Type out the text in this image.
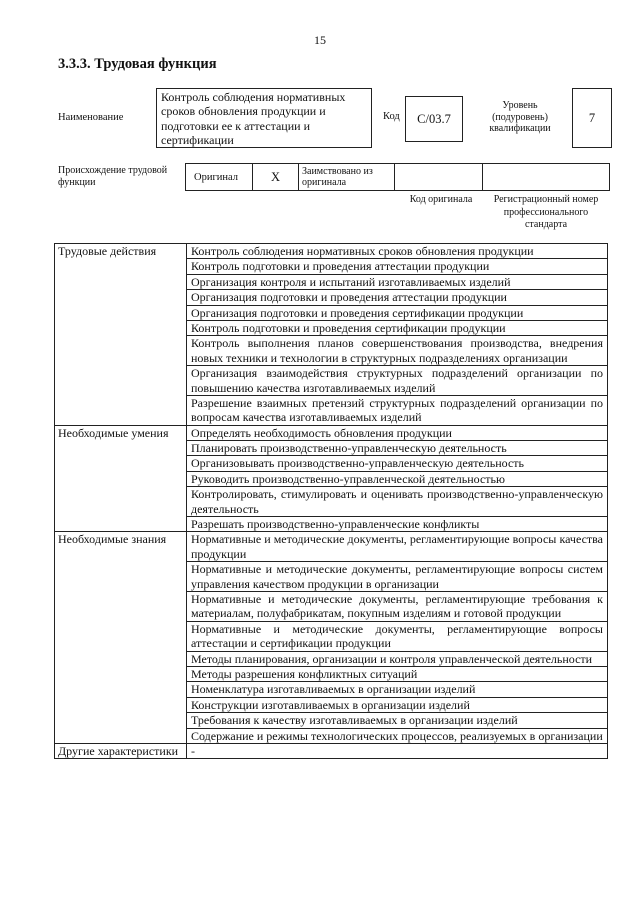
15
3.3.3. Трудовая функция
Наименование
Контроль соблюдения нормативных сроков обновления продукции и подготовки ее к аттестации и сертификации
Код	С/03.7
Уровень (подуровень) квалификации
7
Происхождение трудовой функции	Оригинал	X	Заимствовано из оригинала
Код оригинала	Регистрационный номер профессионального стандарта
Трудовые действия	Контроль соблюдения нормативных сроков обновления продукции
	Контроль подготовки и проведения аттестации продукции
	Организация контроля и испытаний изготавливаемых изделий
	Организация подготовки и проведения аттестации продукции
	Организация подготовки и проведения сертификации продукции
	Контроль подготовки и проведения сертификации продукции
	Контроль выполнения планов совершенствования производства, внедрения новых техники и технологии в структурных подразделениях организации
	Организация взаимодействия структурных подразделений организации по повышению качества изготавливаемых изделий
	Разрешение взаимных претензий структурных подразделений организации по вопросам качества изготавливаемых изделий
Необходимые умения	Определять необходимость обновления продукции
	Планировать производственно-управленческую деятельность
	Организовывать производственно-управленческую деятельность
	Руководить производственно-управленческой деятельностью
	Контролировать, стимулировать и оценивать производственно-управленческую деятельность
	Разрешать производственно-управленческие конфликты
Необходимые знания	Нормативные и методические документы, регламентирующие вопросы качества продукции
	Нормативные и методические документы, регламентирующие вопросы систем управления качеством продукции в организации
	Нормативные и методические документы, регламентирующие требования к материалам, полуфабрикатам, покупным изделиям и готовой продукции
	Нормативные и методические документы, регламентирующие вопросы аттестации и сертификации продукции
	Методы планирования, организации и контроля управленческой деятельности
	Методы разрешения конфликтных ситуаций
	Номенклатура изготавливаемых в организации изделий
	Конструкции изготавливаемых в организации изделий
	Требования к качеству изготавливаемых в организации изделий
	Содержание и режимы технологических процессов, реализуемых в организации
Другие характеристики	-
